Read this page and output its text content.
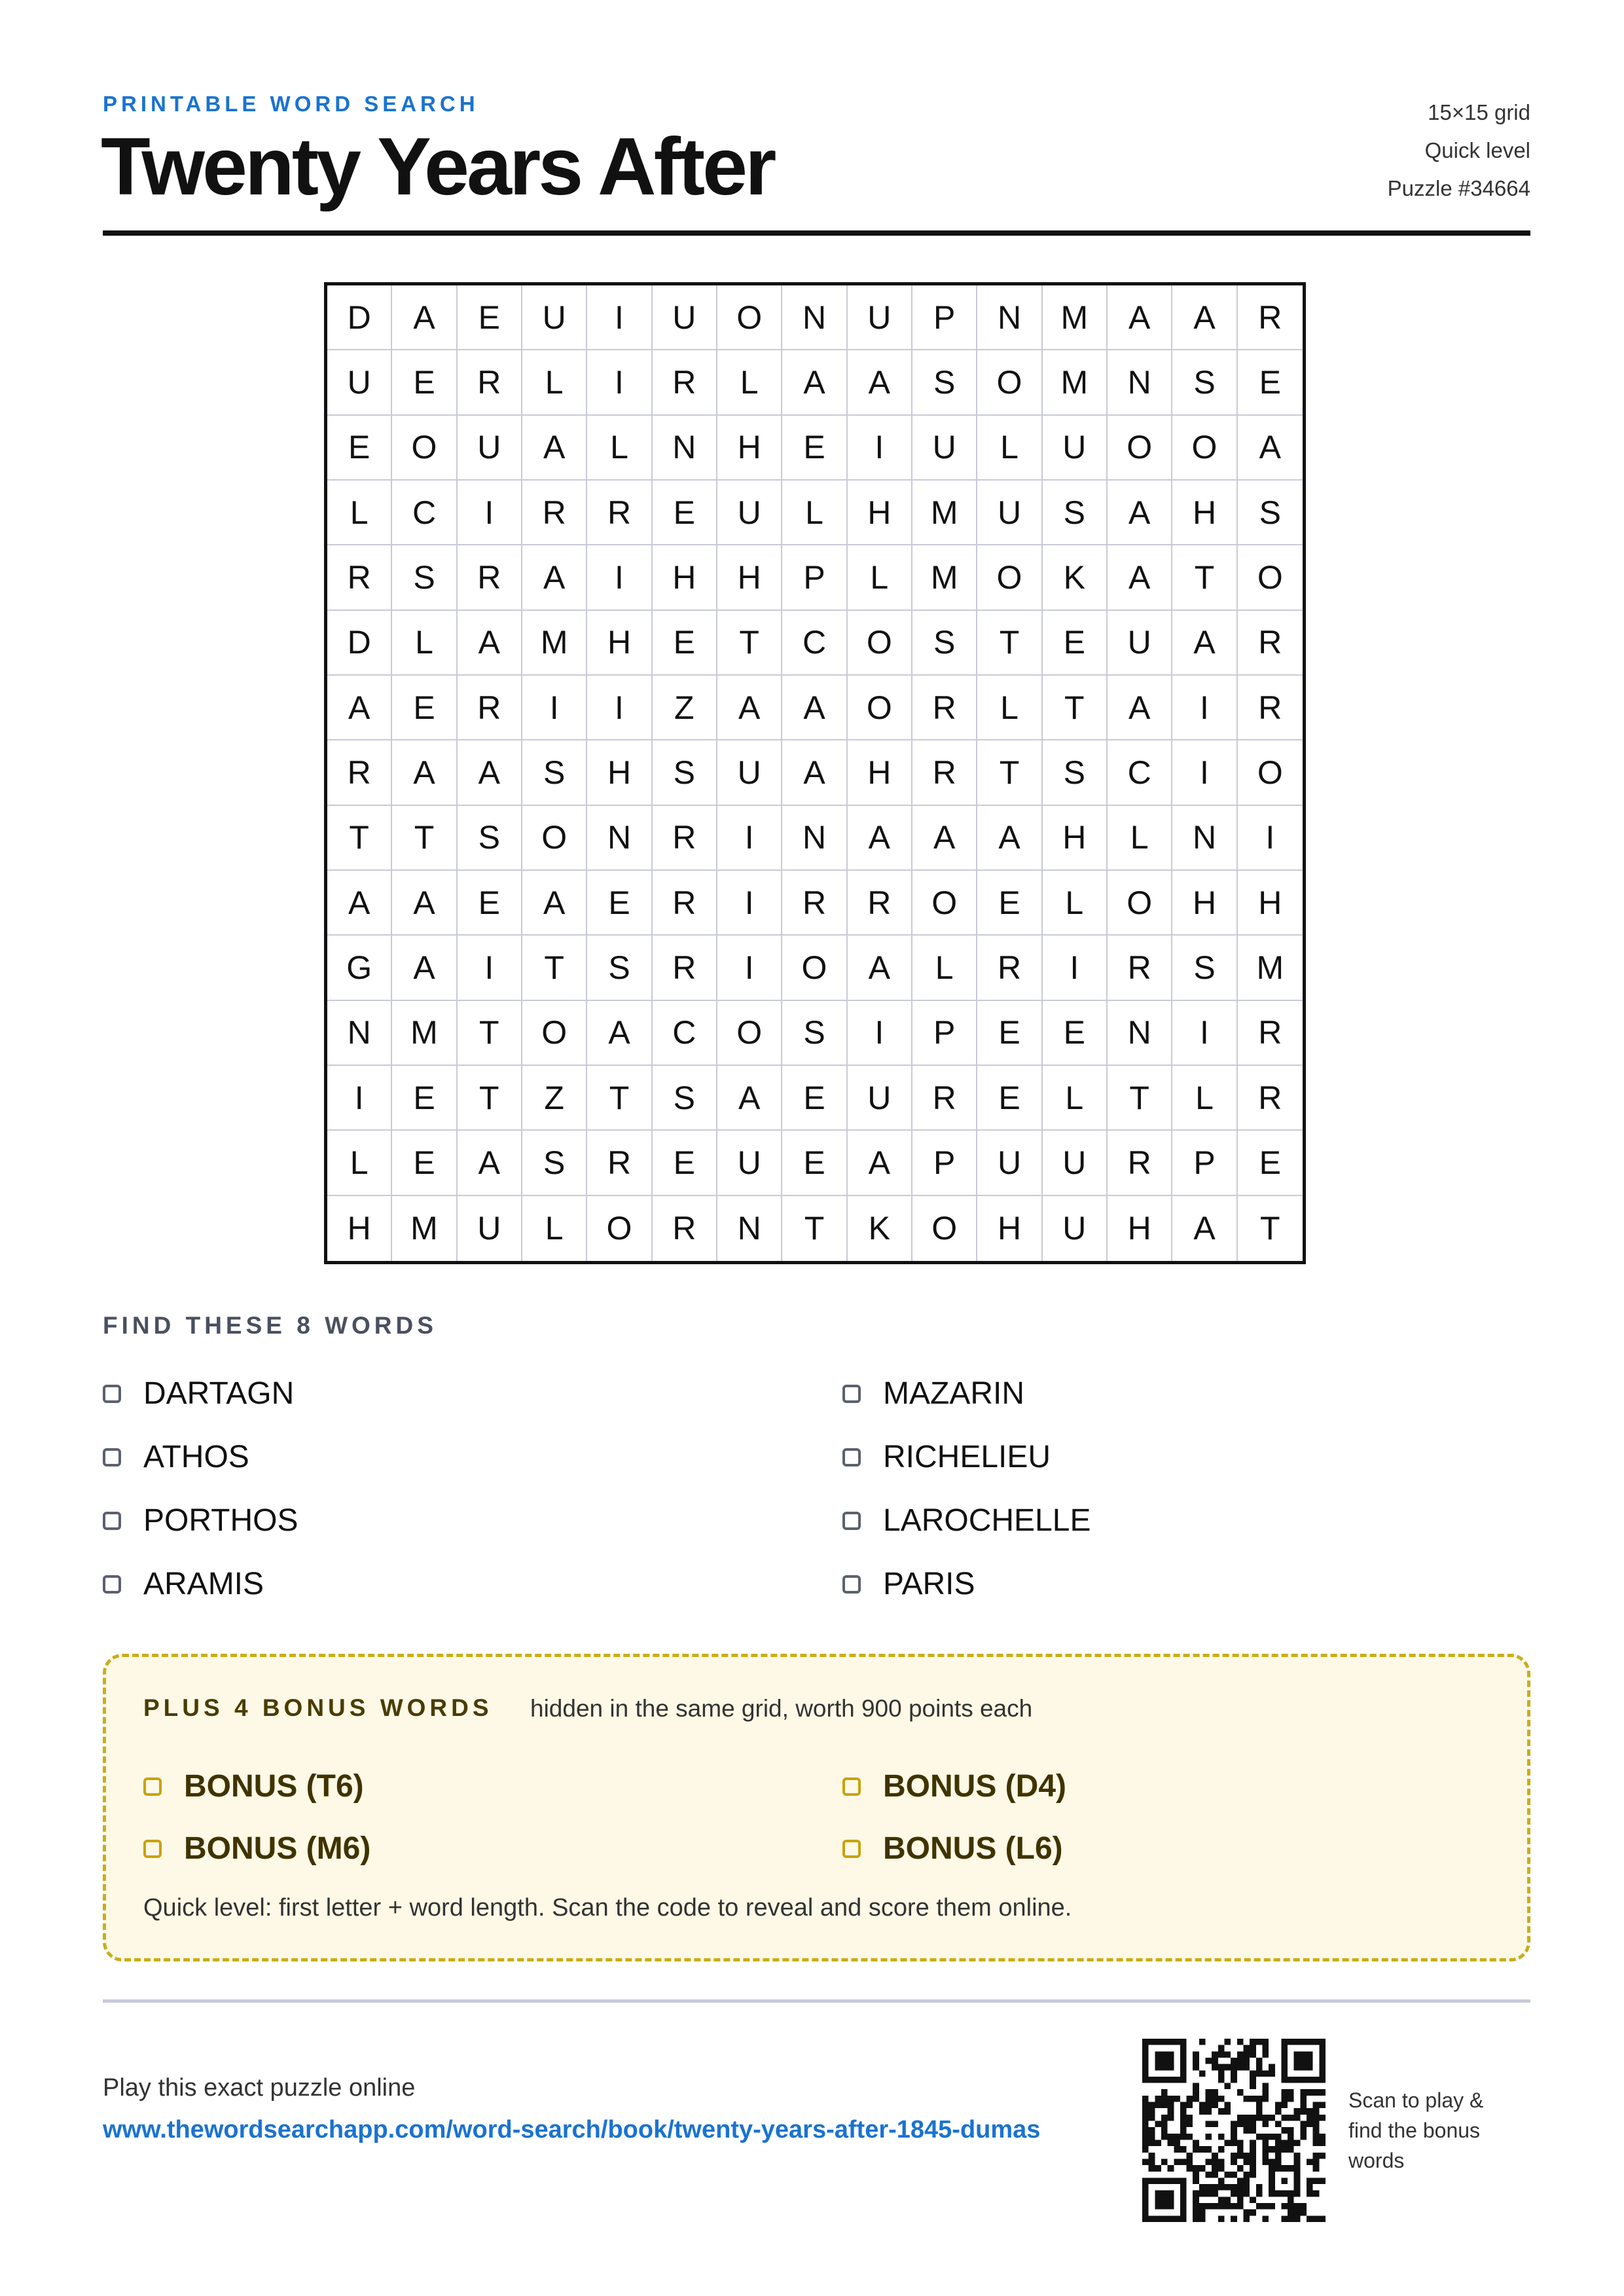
PRINTABLE WORD SEARCH
Twenty Years After
15×15 grid
Quick level
Puzzle #34664
D	A	E	U	I	U	O	N	U	P	N	M	A	A	R
U	E	R	L	I	R	L	A	A	S	O	M	N	S	E
E	O	U	A	L	N	H	E	I	U	L	U	O	O	A
L	C	I	R	R	E	U	L	H	M	U	S	A	H	S
R	S	R	A	I	H	H	P	L	M	O	K	A	T	O
D	L	A	M	H	E	T	C	O	S	T	E	U	A	R
A	E	R	I	I	Z	A	A	O	R	L	T	A	I	R
R	A	A	S	H	S	U	A	H	R	T	S	C	I	O
T	T	S	O	N	R	I	N	A	A	A	H	L	N	I
A	A	E	A	E	R	I	R	R	O	E	L	O	H	H
G	A	I	T	S	R	I	O	A	L	R	I	R	S	M
N	M	T	O	A	C	O	S	I	P	E	E	N	I	R
I	E	T	Z	T	S	A	E	U	R	E	L	T	L	R
L	E	A	S	R	E	U	E	A	P	U	U	R	P	E
H	M	U	L	O	R	N	T	K	O	H	U	H	A	T
FIND THESE 8 WORDS
DARTAGN	MAZARIN
ATHOS	RICHELIEU
PORTHOS	LAROCHELLE
ARAMIS	PARIS
PLUS 4 BONUS WORDS hidden in the same grid, worth 900 points each
BONUS (T6)	BONUS (D4)
BONUS (M6)	BONUS (L6)
Quick level: first letter + word length. Scan the code to reveal and score them online.
Play this exact puzzle online
www.thewordsearchapp.com/word-search/book/twenty-years-after-1845-dumas
Scan to play & find the bonus words
